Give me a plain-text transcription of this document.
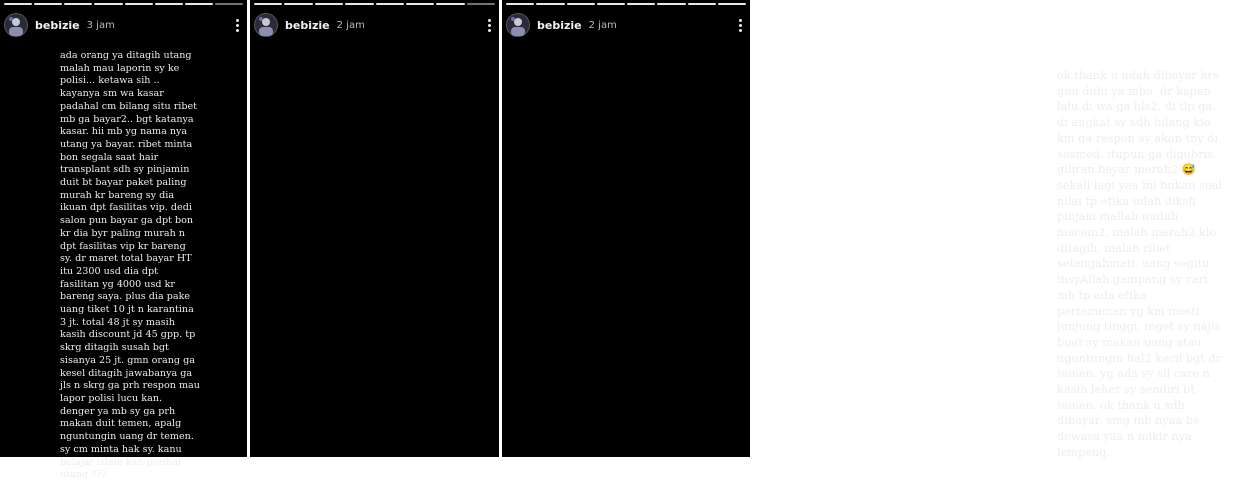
bebizie 3 jam
ada orang ya ditagih utang
malah mau laporin sy ke
polisi... ketawa sih ..
kayanya sm wa kasar
padahal cm bilang situ ribet
mb ga bayar2.. bgt katanya
kasar. hii mb yg nama nya
utang ya bayar. ribet minta
bon segala saat hair
transplant sdh sy pinjamin
duit bt bayar paket paling
murah kr bareng sy dia
ikuan dpt fasilitas vip. dedi
salon pun bayar ga dpt bon
kr dia byr paling murah n
dpt fasilitas vip kr bareng
sy. dr maret total bayar HT
itu 2300 usd dia dpt
fasilitan yg 4000 usd kr
bareng saya. plus dia pake
uang tiket 10 jt n karantina
3 jt. total 48 jt sy masih
kasih discount jd 45 gpp. tp
skrg ditagih susah bgt
sisanya 25 jt. gmn orang ga
kesel ditagih jawabanya ga
jls n skrg ga prh respon mau
lapor polisi lucu kan.
denger ya mb sy ga prh
makan duit temen, apalg
nguntungin uang dr temen.
sy cm minta hak sy. kanu
belajar islam kan perihal
utang ???
bebizie 2 jam	bebizie 2 jam
ok thank u udah dibayar hrs
gini dulu ya mba. dr kapan
lalu di wa ga bls2, di tlp ga
di angkat sy sdh bilang klo
km ga respon sy akan tny di
sosmed. itupun ga digubris.
giliran bayar marah2 😅
sekali lagi yaa ini bukan soal
nilai tp etika udah diksh
pinjam mallah nuduh
macem2, malah marah2 klo
ditagih. malah ribet
setengahmati. uang segitu
insyAllah gampang sy cari
mb tp ada etika
pertemenan yg km mesti
junjung tinggi. inget sy najis
buat sy makan uang atau
nguntungin hal2 kecil bgt dr
temen. yg ada sy sll care n
kasih leher sy sendiri bt
temen. ok thank u sdh
dibayar, smg mb nyaa bs
dewasa yaa n mikir nya
lempeng.
